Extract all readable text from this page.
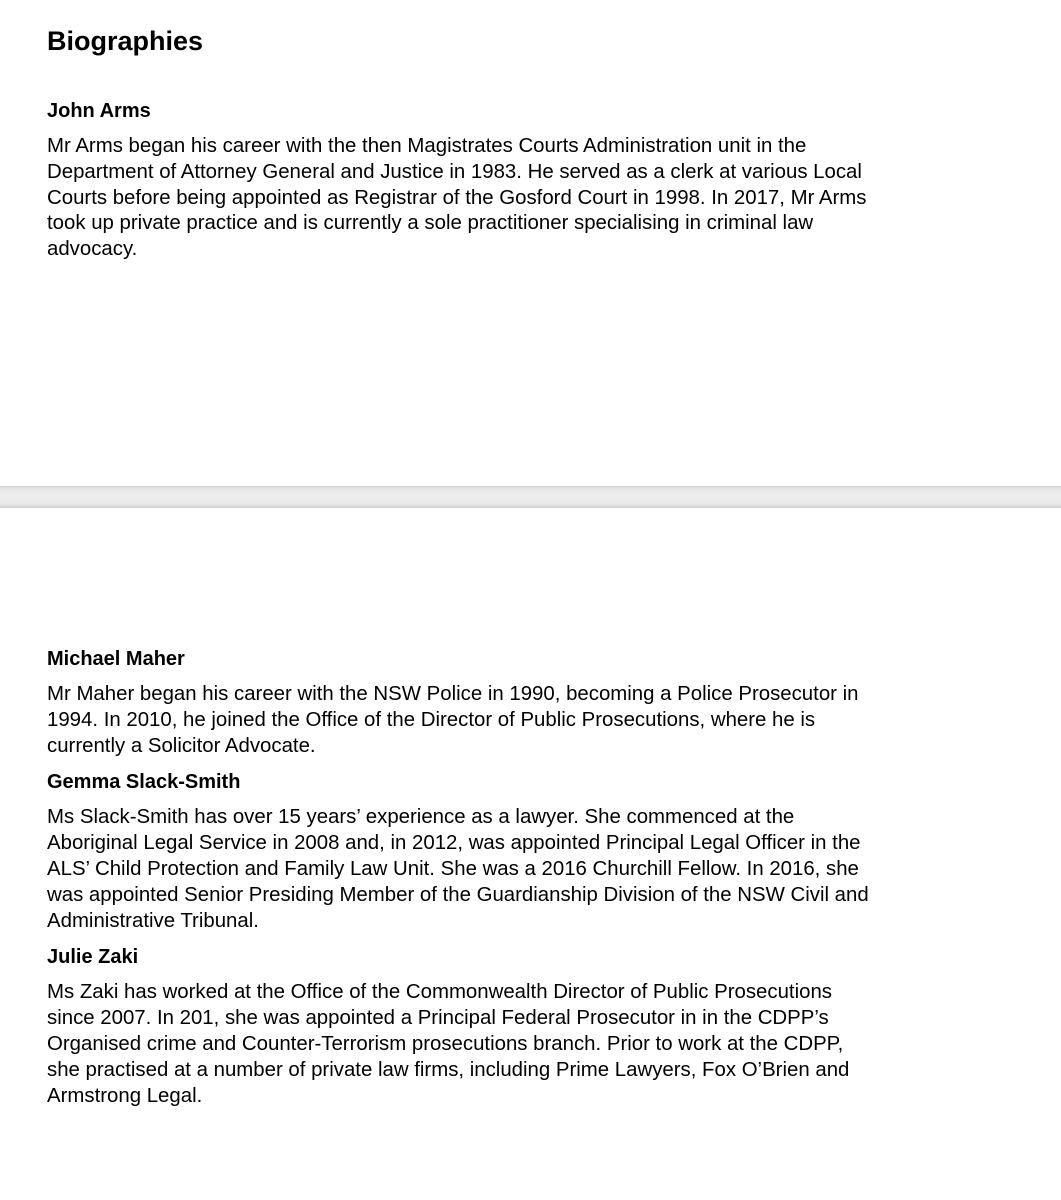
Biographies
John Arms

Mr Arms began his career with the then Magistrates Courts Administration unit in the
Department of Attorney General and Justice in 1983. He served as a clerk at various Local
Courts before being appointed as Registrar of the Gosford Court in 1998. In 2017, Mr Arms
took up private practice and is currently a sole practitioner specialising in criminal law
advocacy.

Michael Maher

Mr Maher began his career with the NSW Police in 1990, becoming a Police Prosecutor in
1994. In 2010, he joined the Office of the Director of Public Prosecutions, where he is
currently a Solicitor Advocate.

Gemma Slack-Smith

Ms Slack-Smith has over 15 years’ experience as a lawyer. She commenced at the
Aboriginal Legal Service in 2008 and, in 2012, was appointed Principal Legal Officer in the
ALS’ Child Protection and Family Law Unit. She was a 2016 Churchill Fellow. In 2016, she
was appointed Senior Presiding Member of the Guardianship Division of the NSW Civil and
Administrative Tribunal.

Julie Zaki

Ms Zaki has worked at the Office of the Commonwealth Director of Public Prosecutions
since 2007. In 201, she was appointed a Principal Federal Prosecutor in in the CDPP’s
Organised crime and Counter-Terrorism prosecutions branch. Prior to work at the CDPP,
she practised at a number of private law firms, including Prime Lawyers, Fox O’Brien and
Armstrong Legal.
